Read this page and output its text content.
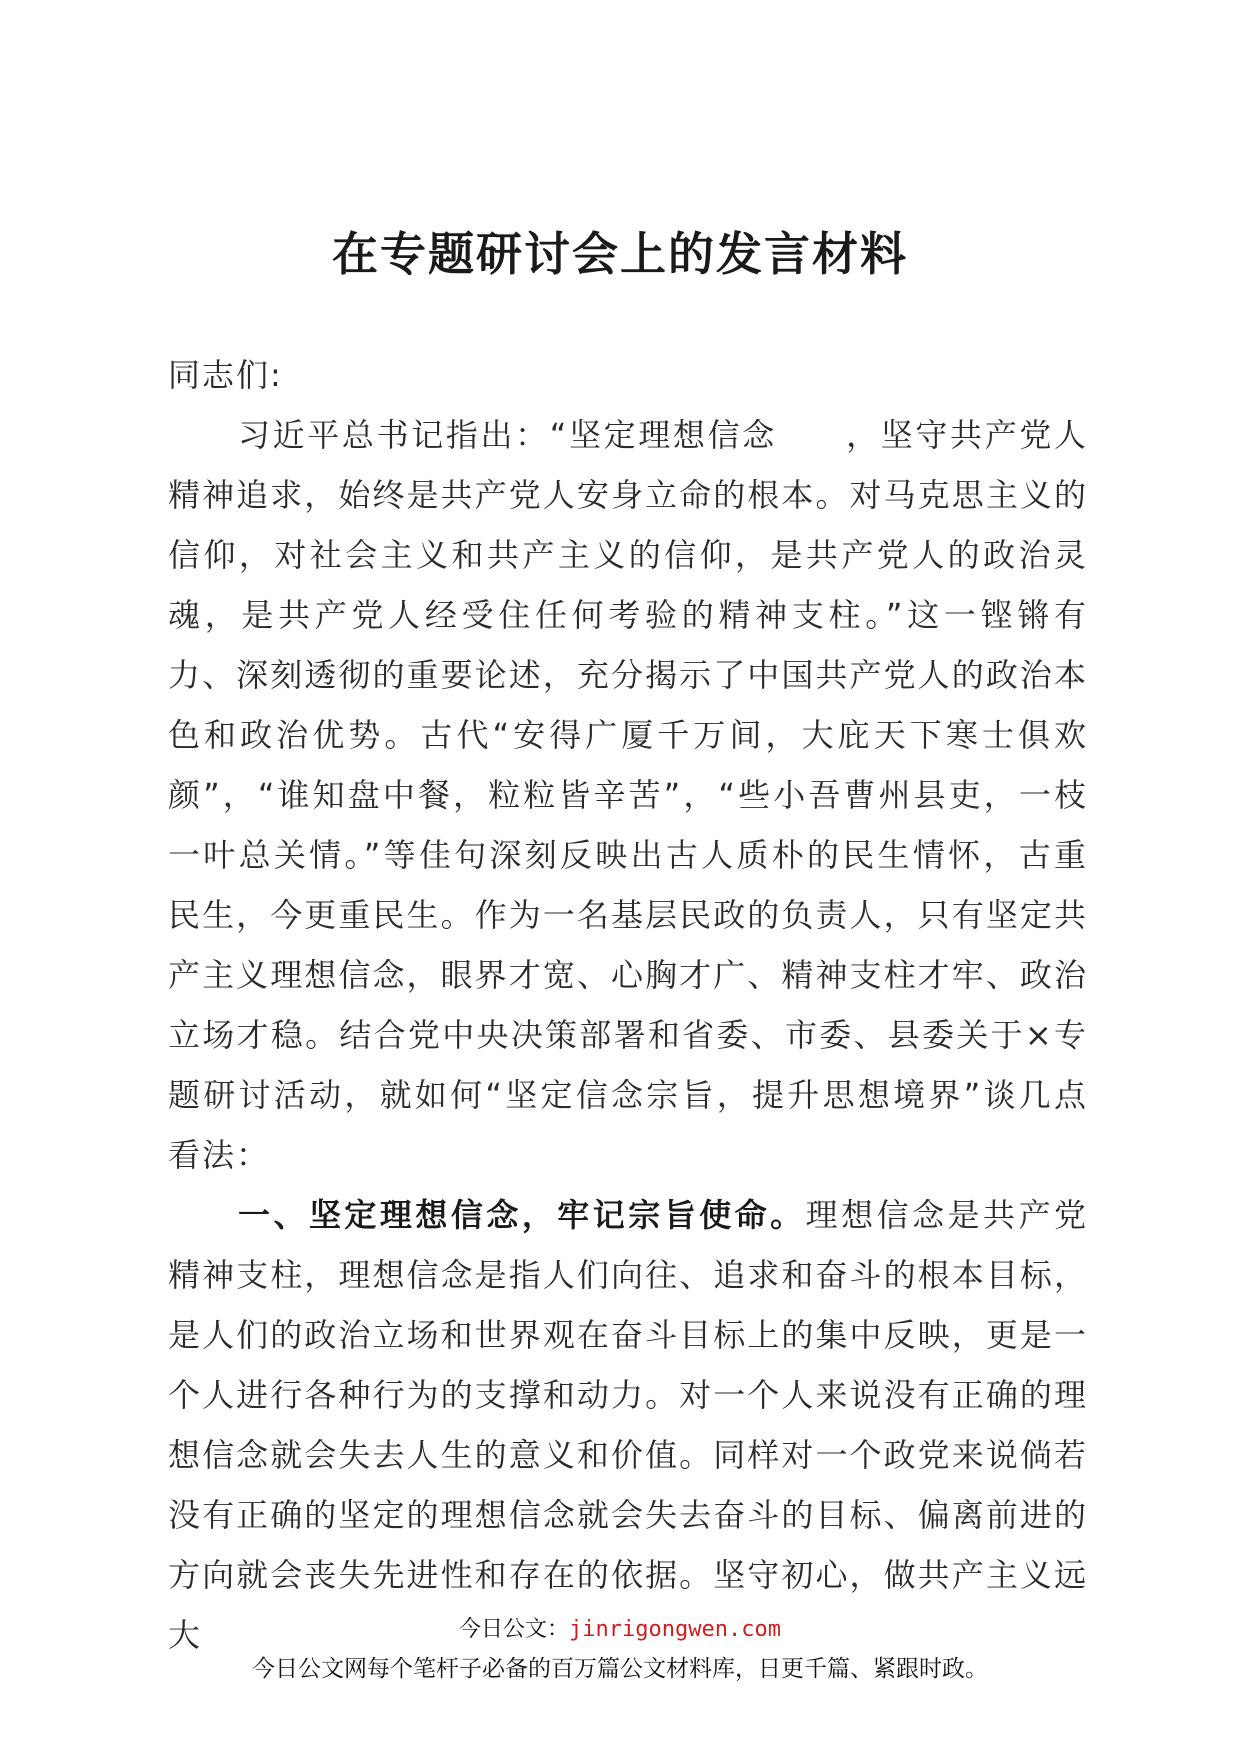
在专题研讨会上的发言材料

同志们:

习近平总书记指出：“坚定理想信念　　，坚守共产党人精神追求，始终是共产党人安身立命的根本。对马克思主义的信仰，对社会主义和共产主义的信仰，是共产党人的政治灵魂，是共产党人经受住任何考验的精神支柱。”这一铿锵有力、深刻透彻的重要论述，充分揭示了中国共产党人的政治本色和政治优势。古代“安得广厦千万间，大庇天下寒士俱欢颜”，“谁知盘中餐，粒粒皆辛苦”，“些小吾曹州县吏，一枝一叶总关情。”等佳句深刻反映出古人质朴的民生情怀，古重民生，今更重民生。作为一名基层民政的负责人，只有坚定共产主义理想信念，眼界才宽、心胸才广、精神支柱才牢、政治立场才稳。结合党中央决策部署和省委、市委、县委关于×专题研讨活动，就如何“坚定信念宗旨，提升思想境界”谈几点看法：

一、坚定理想信念，牢记宗旨使命。理想信念是共产党精神支柱，理想信念是指人们向往、追求和奋斗的根本目标，是人们的政治立场和世界观在奋斗目标上的集中反映，更是一个人进行各种行为的支撑和动力。对一个人来说没有正确的理想信念就会失去人生的意义和价值。同样对一个政党来说倘若没有正确的坚定的理想信念就会失去奋斗的目标、偏离前进的方向就会丧失先进性和存在的依据。坚守初心，做共产主义远大	今日公文：jinrigongwen.com
今日公文网每个笔杆子必备的百万篇公文材料库，日更千篇、紧跟时政。
